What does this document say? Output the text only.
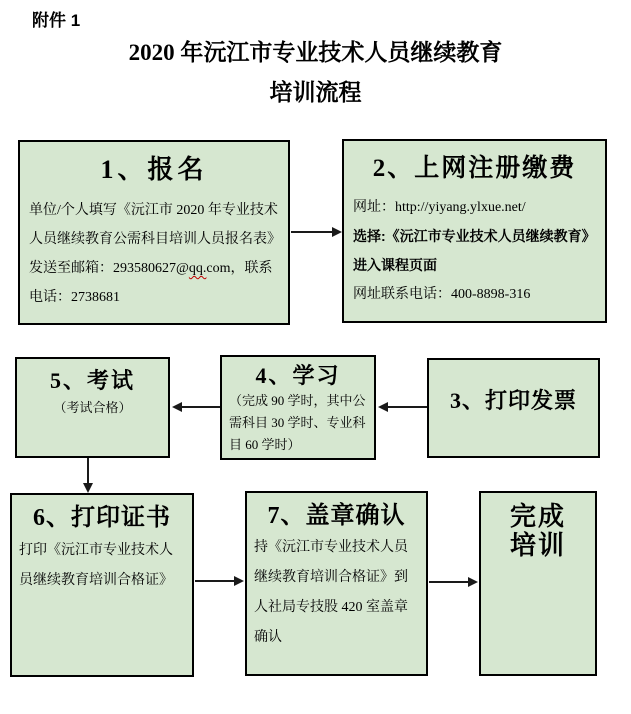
附件 1
2020 年沅江市专业技术人员继续教育
培训流程
1、报名
单位/个人填写《沅江市 2020 年专业技术人员继续教育公需科目培训人员报名表》发送至邮箱：293580627@qq.com，联系电话：2738681
2、上网注册缴费

网址：http://yiyang.ylxue.net/

选择:《沅江市专业技术人员继续教育》进入课程页面

网址联系电话：400-8898-316

5、考试
（考试合格）
4、学习
（完成 90 学时，其中公需科目 30 学时、专业科目 60 学时）
3、打印发票
6、打印证书
打印《沅江市专业技术人员继续教育培训合格证》
7、盖章确认
持《沅江市专业技术人员继续教育培训合格证》到人社局专技股 420 室盖章确认
完成
培训
